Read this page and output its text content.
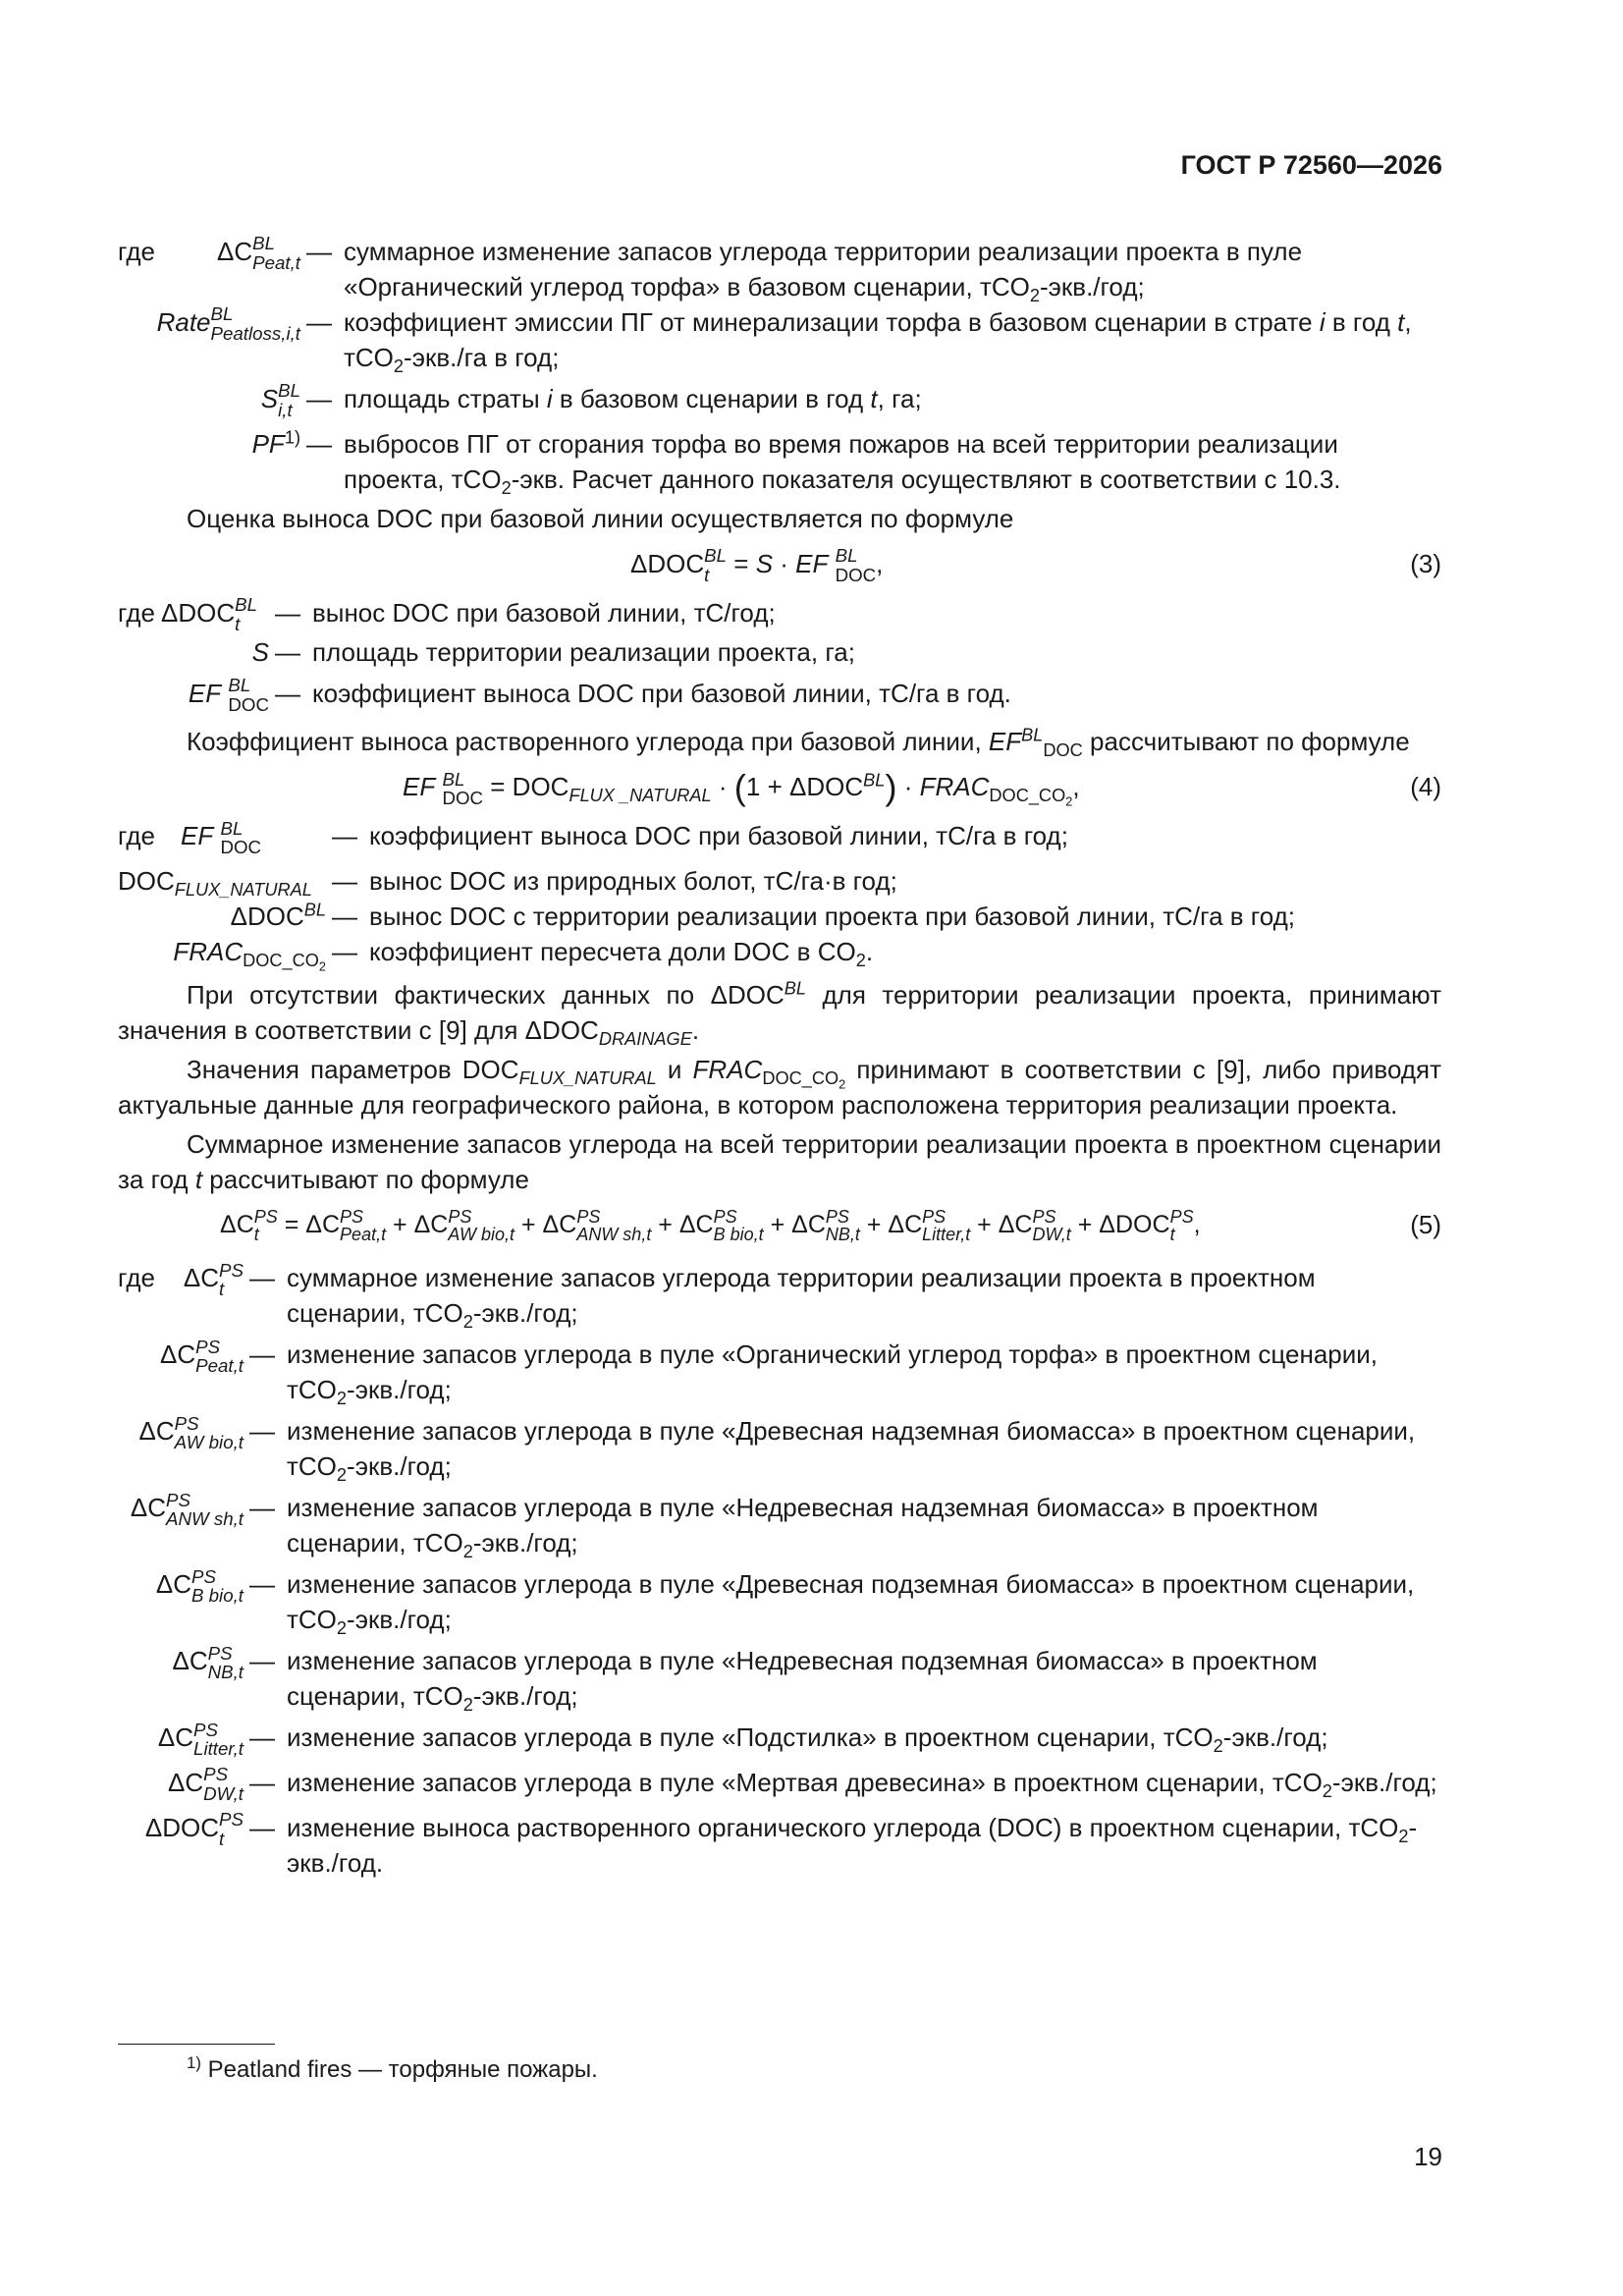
ГОСТ Р 72560—2026
где	ΔC BL
Peat,t	—	суммарное изменение запасов углерода территории реализации проекта в пуле «Органический углерод торфа» в базовом сценарии, тCO$_2$-экв./год;
Rate BL
Peatloss,i,t		—	коэффициент эмиссии ПГ от минерализации торфа в базовом сценарии в страте i в год t, тCO$_2$-экв./га в год;
S BL
i,t		—	площадь страты i в базовом сценарии в год t, га;
PF$^{1)}$		—	выбросов ПГ от сгорания торфа во время пожаров на всей территории реализации проекта, тCO$_2$-экв. Расчет данного показателя осуществляют в соответствии с 10.3.

Оценка выноса DOC при базовой линии осуществляется по формуле

ΔDOC BL
t = S · EF BL
DOC ,	(3)
где	ΔDOC BL
t	—	вынос DOC при базовой линии, тС/год;
S		—	площадь территории реализации проекта, га;
EF BL
DOC		—	коэффициент выноса DOC при базовой линии, тС/га в год.

Коэффициент выноса растворенного углерода при базовой линии, $EF^{BL}_{DOC}$ рассчитывают по формуле

EF BL
DOC = $DOC_{FLUX \_NATURAL} \cdot (1 + \Delta DOC^{BL})$ · $FRAC_{DOC\_CO_2}$,	(4)
где	EF BL
DOC	—	коэффициент выноса DOC при базовой линии, тС/га в год;
$DOC_{FLUX\_NATURAL}$		—	вынос DOC из природных болот, тС/га·в год;
$\Delta DOC^{BL}$		—	вынос DOC с территории реализации проекта при базовой линии, тС/га в год;
$FRAC_{DOC\_CO_2}$		—	коэффициент пересчета доли DOC в $CO_2$.

При отсутствии фактических данных по $\Delta DOC^{BL}$ для территории реализации проекта, принимают значения в соответствии с [9] для $\Delta DOC_{DRAINAGE}$.

Значения параметров $DOC_{FLUX\_NATURAL}$ и $FRAC_{DOC\_CO_2}$ принимают в соответствии с [9], либо приводят актуальные данные для географического района, в котором расположена территория реализации проекта.

Суммарное изменение запасов углерода на всей территории реализации проекта в проектном сценарии за год t рассчитывают по формуле

ΔC PS
t = ΔC PS
Peat,t + ΔC PS
AW bio,t + ΔC PS
ANW sh,t + ΔC PS
B bio,t + ΔC PS
NB,t + ΔC PS
Litter,t + ΔC PS
DW,t + ΔDOC PS
t ,	(5)
где	ΔC PS
t	—	суммарное изменение запасов углерода территории реализации проекта в проектном сценарии, тCO$_2$-экв./год;
ΔC PS
Peat,t		—	изменение запасов углерода в пуле «Органический углерод торфа» в проектном сценарии, тCO$_2$-экв./год;
ΔC PS
AW bio,t		—	изменение запасов углерода в пуле «Древесная надземная биомасса» в проектном сценарии, тCO$_2$-экв./год;
ΔC PS
ANW sh,t		—	изменение запасов углерода в пуле «Недревесная надземная биомасса» в проектном сценарии, тCO$_2$-экв./год;
ΔC PS
B bio,t		—	изменение запасов углерода в пуле «Древесная подземная биомасса» в проектном сценарии, тCO$_2$-экв./год;
ΔC PS
NB,t		—	изменение запасов углерода в пуле «Недревесная подземная биомасса» в проектном сценарии, тCO$_2$-экв./год;
ΔC PS
Litter,t		—	изменение запасов углерода в пуле «Подстилка» в проектном сценарии, тCO$_2$-экв./год;
ΔC PS
DW,t		—	изменение запасов углерода в пуле «Мертвая древесина» в проектном сценарии, тCO$_2$-экв./год;
ΔDOC PS
t		—	изменение выноса растворенного органического углерода (DOC) в проектном сценарии, тCO$_2$-экв./год.
$^{1)}$ Peatland fires — торфяные пожары.
19
